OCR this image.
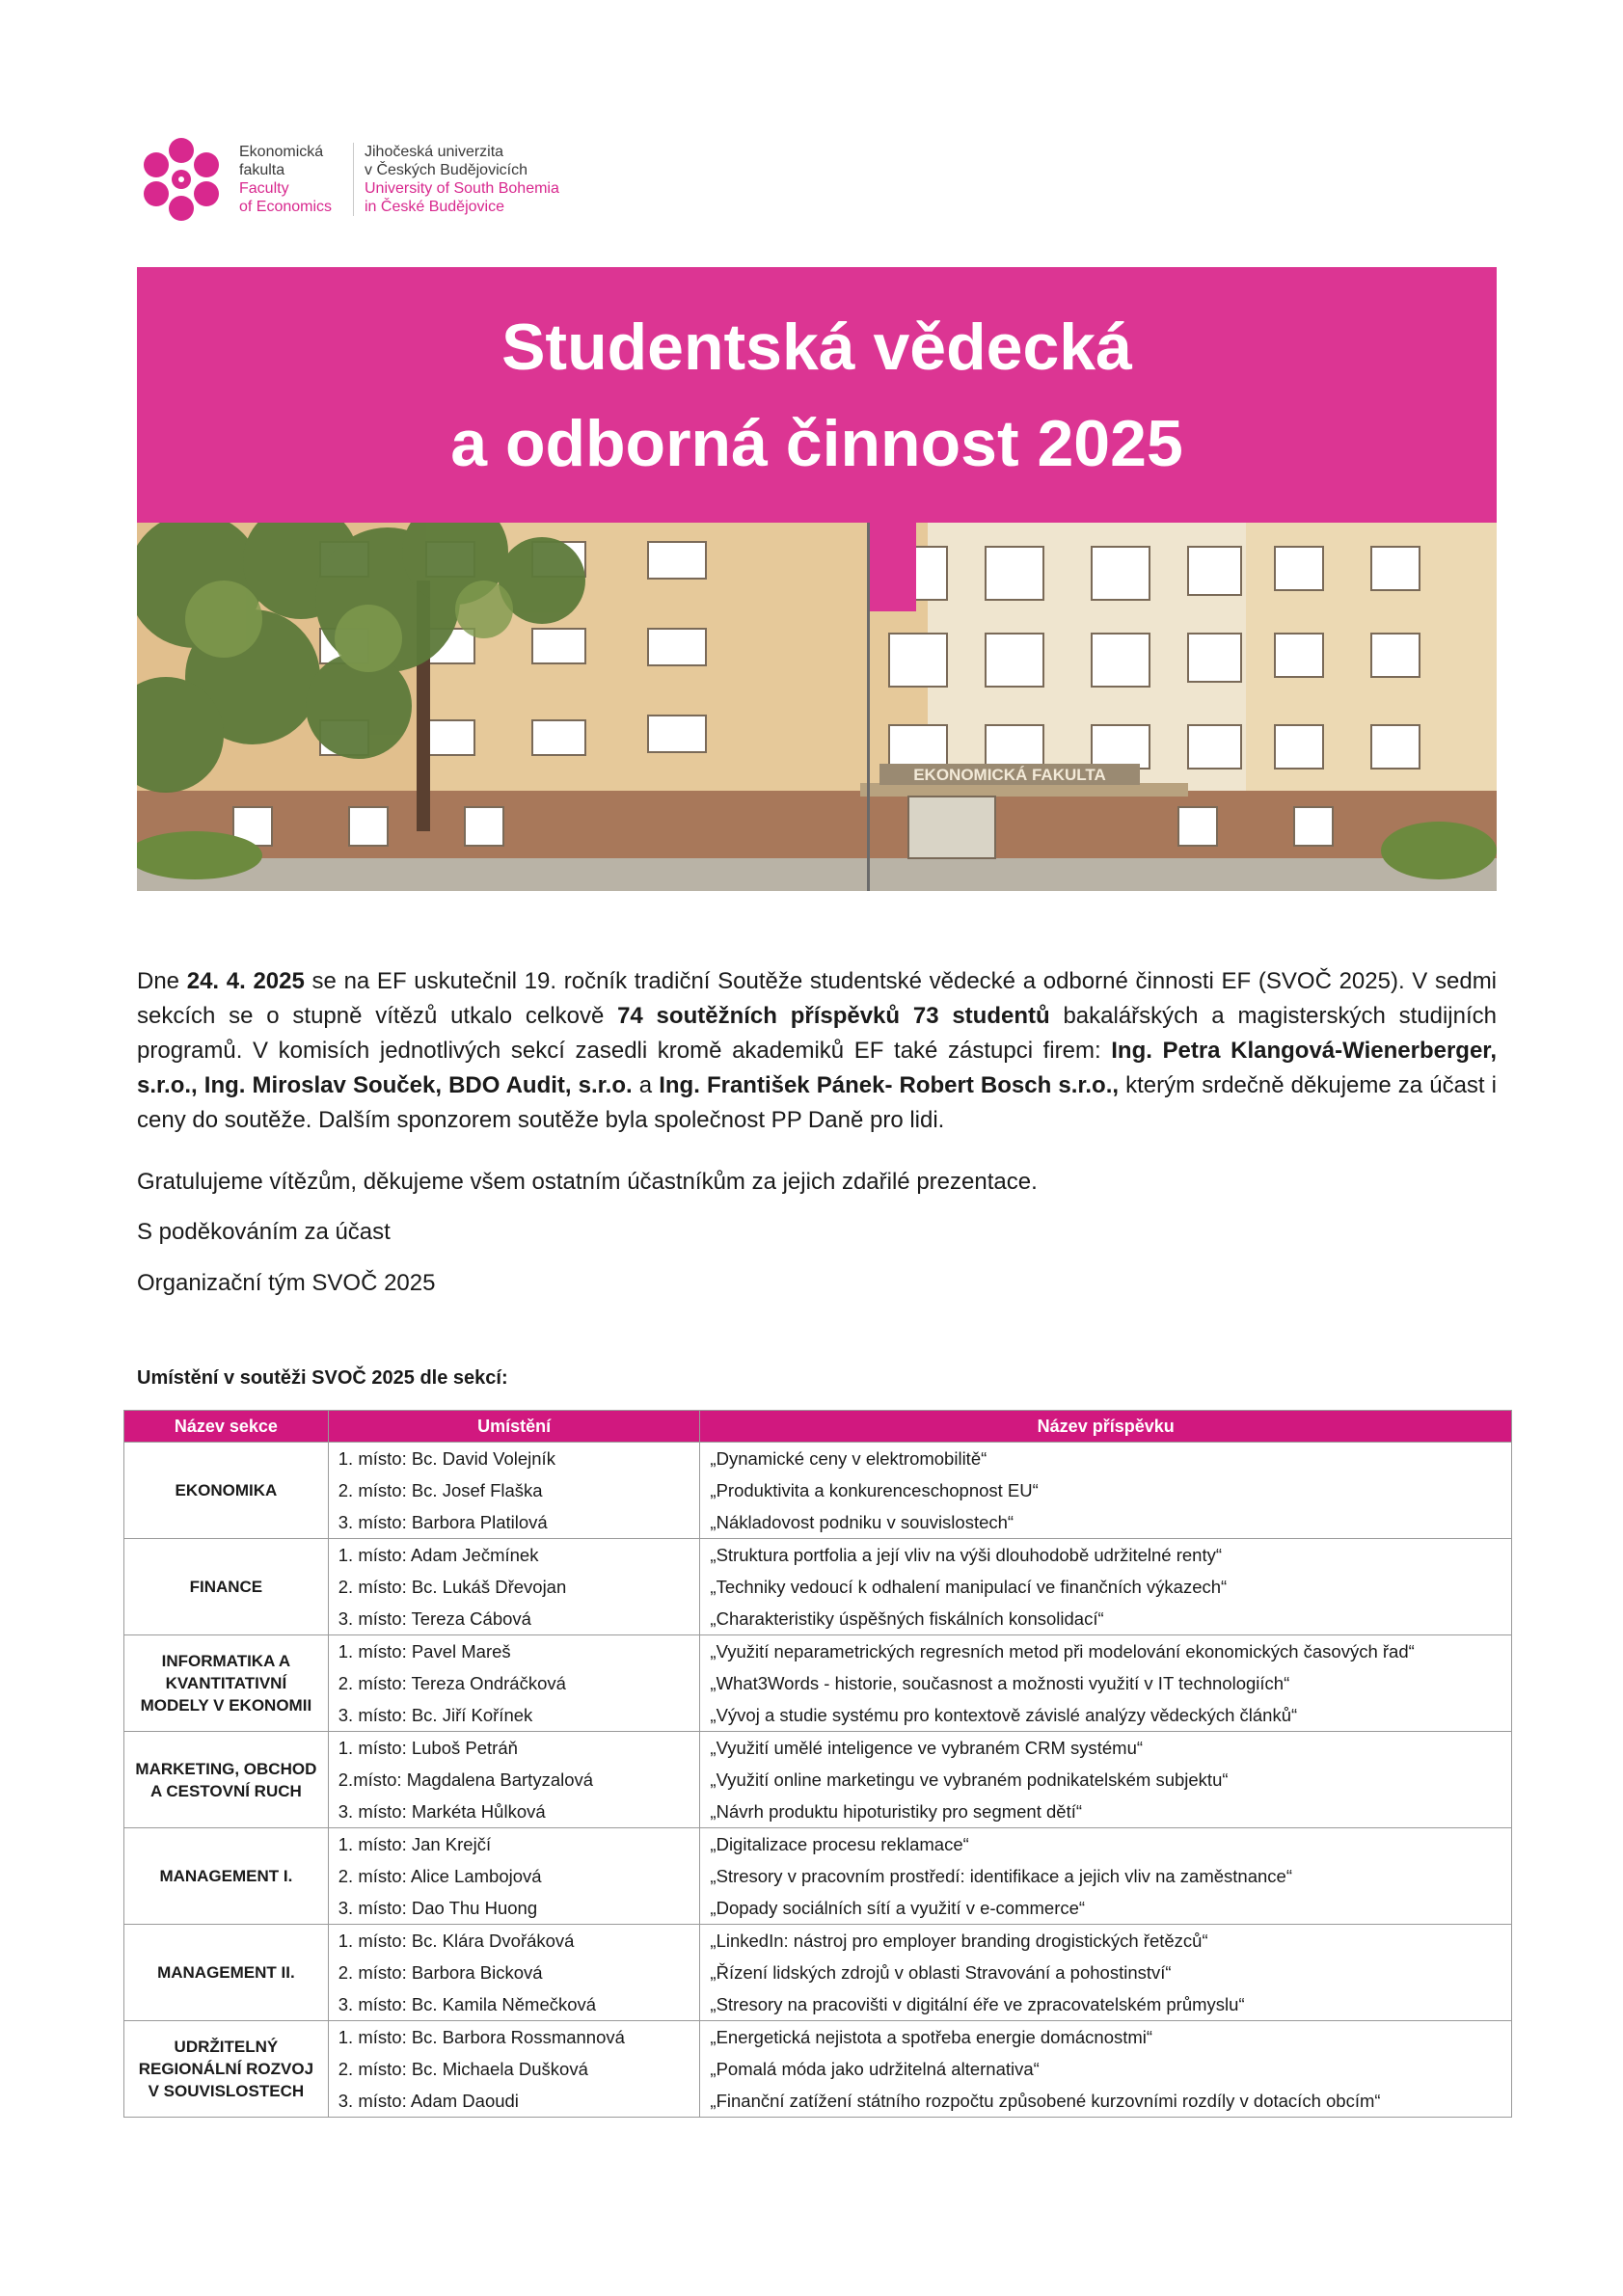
Ekonomická
fakulta
Faculty
of Economics
Jihočeská univerzita
v Českých Budějovicích
University of South Bohemia
in České Budějovice
Studentská vědecká
a odborná činnost 2025
EKONOMICKÁ FAKULTA
Dne 24. 4. 2025 se na EF uskutečnil 19. ročník tradiční Soutěže studentské vědecké a odborné činnosti EF (SVOČ 2025). V sedmi sekcích se o stupně vítězů utkalo celkově 74 soutěžních příspěvků 73 studentů bakalářských a magisterských studijních programů. V komisích jednotlivých sekcí zasedli kromě akademiků EF také zástupci firem: Ing. Petra Klangová-Wienerberger, s.r.o., Ing. Miroslav Souček, BDO Audit, s.r.o. a Ing. František Pánek- Robert Bosch s.r.o., kterým srdečně děkujeme za účast i ceny do soutěže. Dalším sponzorem soutěže byla společnost PP Daně pro lidi.
Gratulujeme vítězům, děkujeme všem ostatním účastníkům za jejich zdařilé prezentace.
S poděkováním za účast
Organizační tým SVOČ 2025
Umístění v soutěži SVOČ 2025 dle sekcí:
Název sekce	Umístění	Název příspěvku
EKONOMIKA	1. místo: Bc. David Volejník	„Dynamické ceny v elektromobilitě“
	2. místo: Bc. Josef Flaška	„Produktivita a konkurenceschopnost EU“
	3. místo: Barbora Platilová	„Nákladovost podniku v souvislostech“
FINANCE	1. místo: Adam Ječmínek	„Struktura portfolia a její vliv na výši dlouhodobě udržitelné renty“
	2. místo: Bc. Lukáš Dřevojan	„Techniky vedoucí k odhalení manipulací ve finančních výkazech“
	3. místo: Tereza Cábová	„Charakteristiky úspěšných fiskálních konsolidací“
INFORMATIKA A KVANTITATIVNÍ MODELY V EKONOMII	1. místo: Pavel Mareš	„Využití neparametrických regresních metod při modelování ekonomických časových řad“
	2. místo: Tereza Ondráčková	„What3Words - historie, současnost a možnosti využití v IT technologiích“
	3. místo: Bc. Jiří Kořínek	„Vývoj a studie systému pro kontextově závislé analýzy vědeckých článků“
MARKETING, OBCHOD A CESTOVNÍ RUCH	1. místo: Luboš Petráň	„Využití umělé inteligence ve vybraném CRM systému“
	2.místo: Magdalena Bartyzalová	„Využití online marketingu ve vybraném podnikatelském subjektu“
	3. místo: Markéta Hůlková	„Návrh produktu hipoturistiky pro segment dětí“
MANAGEMENT I.	1. místo: Jan Krejčí	„Digitalizace procesu reklamace“
	2. místo: Alice Lambojová	„Stresory v pracovním prostředí: identifikace a jejich vliv na zaměstnance“
	3. místo: Dao Thu Huong	„Dopady sociálních sítí a využití v e-commerce“
MANAGEMENT II.	1. místo: Bc. Klára Dvořáková	„LinkedIn: nástroj pro employer branding drogistických řetězců“
	2. místo: Barbora Bicková	„Řízení lidských zdrojů v oblasti Stravování a pohostinství“
	3. místo: Bc. Kamila Němečková	„Stresory na pracovišti v digitální éře ve zpracovatelském průmyslu“
UDRŽITELNÝ REGIONÁLNÍ ROZVOJ V SOUVISLOSTECH	1. místo: Bc. Barbora Rossmannová	„Energetická nejistota a spotřeba energie domácnostmi“
	2. místo: Bc. Michaela Dušková	„Pomalá móda jako udržitelná alternativa“
	3. místo: Adam Daoudi	„Finanční zatížení státního rozpočtu způsobené kurzovními rozdíly v dotacích obcím“
